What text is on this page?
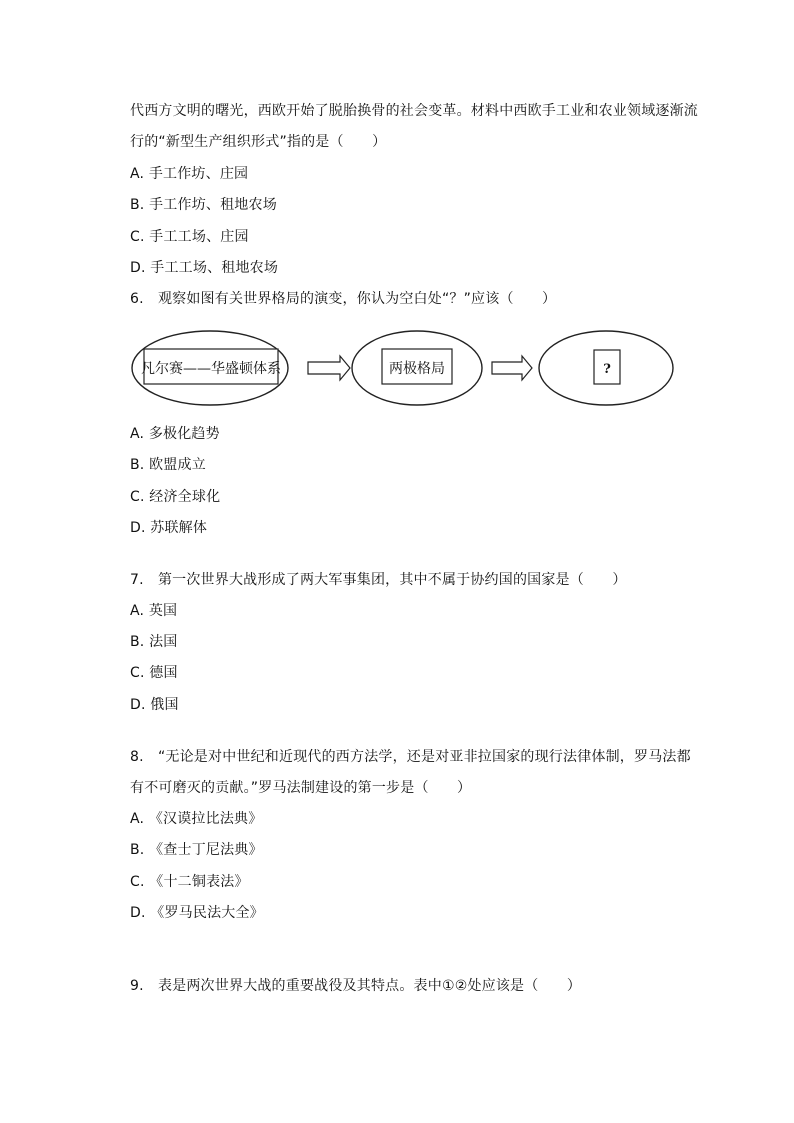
代西方文明的曙光，西欧开始了脱胎换骨的社会变革。材料中西欧手工业和农业领域逐渐流
行的“新型生产组织形式”指的是（　　）
A. 手工作坊、庄园
B. 手工作坊、租地农场
C. 手工工场、庄园
D. 手工工场、租地农场
6.　观察如图有关世界格局的演变，你认为空白处“？”应该（　　）
凡尔赛——华盛顿体系	两极格局	?
A. 多极化趋势
B. 欧盟成立
C. 经济全球化
D. 苏联解体
7.　第一次世界大战形成了两大军事集团，其中不属于协约国的国家是（　　）
A. 英国
B. 法国
C. 德国
D. 俄国
8.　“无论是对中世纪和近现代的西方法学，还是对亚非拉国家的现行法律体制，罗马法都
有不可磨灭的贡献。”罗马法制建设的第一步是（　　）
A. 《汉谟拉比法典》
B. 《查士丁尼法典》
C. 《十二铜表法》
D. 《罗马民法大全》
9.　表是两次世界大战的重要战役及其特点。表中①②处应该是（　　）
